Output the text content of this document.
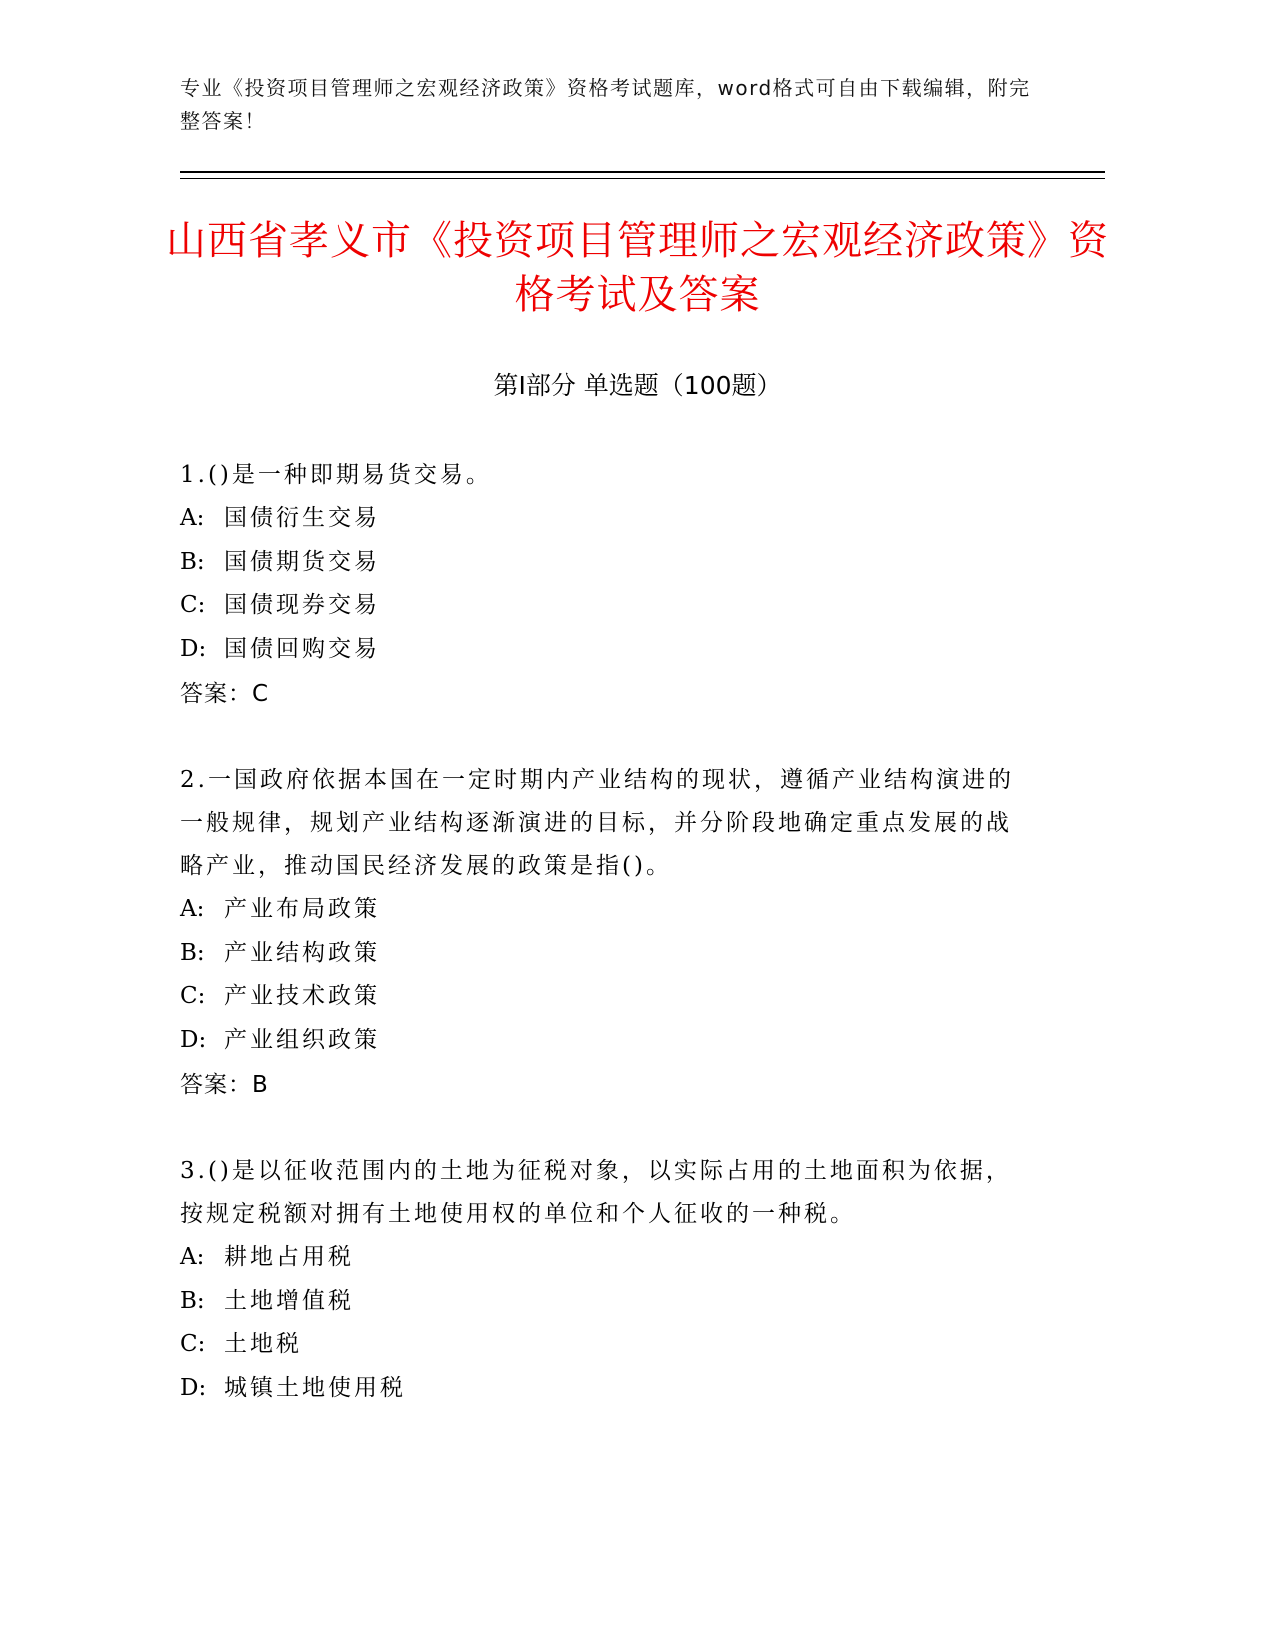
专业《投资项目管理师之宏观经济政策》资格考试题库，word格式可自由下载编辑，附完整答案！
山西省孝义市《投资项目管理师之宏观经济政策》资格考试及答案
第Ⅰ部分 单选题（100题）
1.()是一种即期易货交易。
A: 国债衍生交易
B: 国债期货交易
C: 国债现券交易
D: 国债回购交易
答案：C
2.一国政府依据本国在一定时期内产业结构的现状，遵循产业结构演进的一般规律，规划产业结构逐渐演进的目标，并分阶段地确定重点发展的战略产业，推动国民经济发展的政策是指()。
A: 产业布局政策
B: 产业结构政策
C: 产业技术政策
D: 产业组织政策
答案：B
3.()是以征收范围内的土地为征税对象，以实际占用的土地面积为依据，按规定税额对拥有土地使用权的单位和个人征收的一种税。
A: 耕地占用税
B: 土地增值税
C: 土地税
D: 城镇土地使用税
